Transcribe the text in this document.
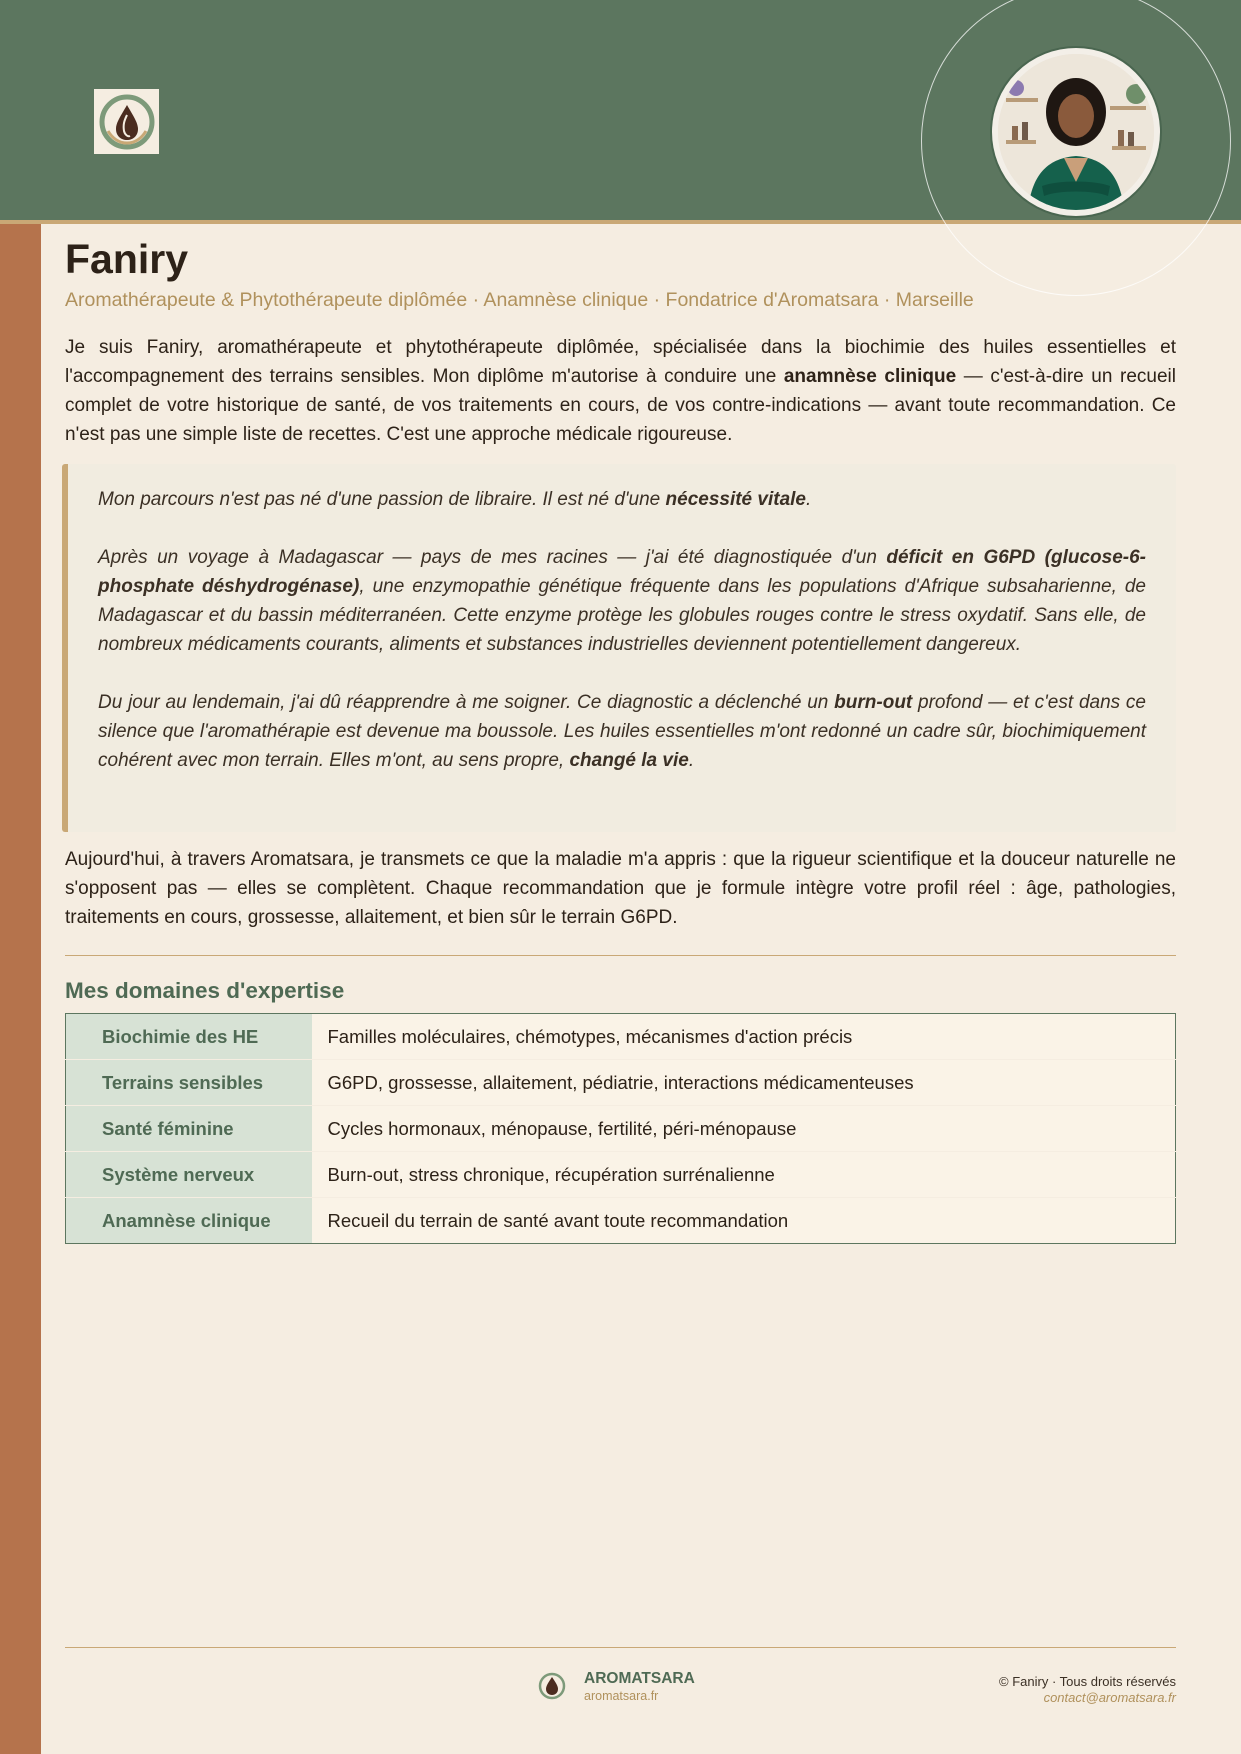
Faniry
Aromathérapeute & Phytothérapeute diplômée · Anamnèse clinique · Fondatrice d'Aromatsara · Marseille

Je suis Faniry, aromathérapeute et phytothérapeute diplômée, spécialisée dans la biochimie des huiles essentielles et l'accompagnement des terrains sensibles. Mon diplôme m'autorise à conduire une anamnèse clinique — c'est-à-dire un recueil complet de votre historique de santé, de vos traitements en cours, de vos contre-indications — avant toute recommandation. Ce n'est pas une simple liste de recettes. C'est une approche médicale rigoureuse.

Mon parcours n'est pas né d'une passion de libraire. Il est né d'une nécessité vitale.

Après un voyage à Madagascar — pays de mes racines — j'ai été diagnostiquée d'un déficit en G6PD (glucose-6-phosphate déshydrogénase), une enzymopathie génétique fréquente dans les populations d'Afrique subsaharienne, de Madagascar et du bassin méditerranéen. Cette enzyme protège les globules rouges contre le stress oxydatif. Sans elle, de nombreux médicaments courants, aliments et substances industrielles deviennent potentiellement dangereux.

Du jour au lendemain, j'ai dû réapprendre à me soigner. Ce diagnostic a déclenché un burn-out profond — et c'est dans ce silence que l'aromathérapie est devenue ma boussole. Les huiles essentielles m'ont redonné un cadre sûr, biochimiquement cohérent avec mon terrain. Elles m'ont, au sens propre, changé la vie.

Aujourd'hui, à travers Aromatsara, je transmets ce que la maladie m'a appris : que la rigueur scientifique et la douceur naturelle ne s'opposent pas — elles se complètent. Chaque recommandation que je formule intègre votre profil réel : âge, pathologies, traitements en cours, grossesse, allaitement, et bien sûr le terrain G6PD.

Mes domaines d'expertise
Biochimie des HE	Familles moléculaires, chémotypes, mécanismes d'action précis
Terrains sensibles	G6PD, grossesse, allaitement, pédiatrie, interactions médicamenteuses
Santé féminine	Cycles hormonaux, ménopause, fertilité, péri-ménopause
Système nerveux	Burn-out, stress chronique, récupération surrénalienne
Anamnèse clinique	Recueil du terrain de santé avant toute recommandation
AROMATSARA
aromatsara.fr
© Faniry · Tous droits réservés
contact@aromatsara.fr
